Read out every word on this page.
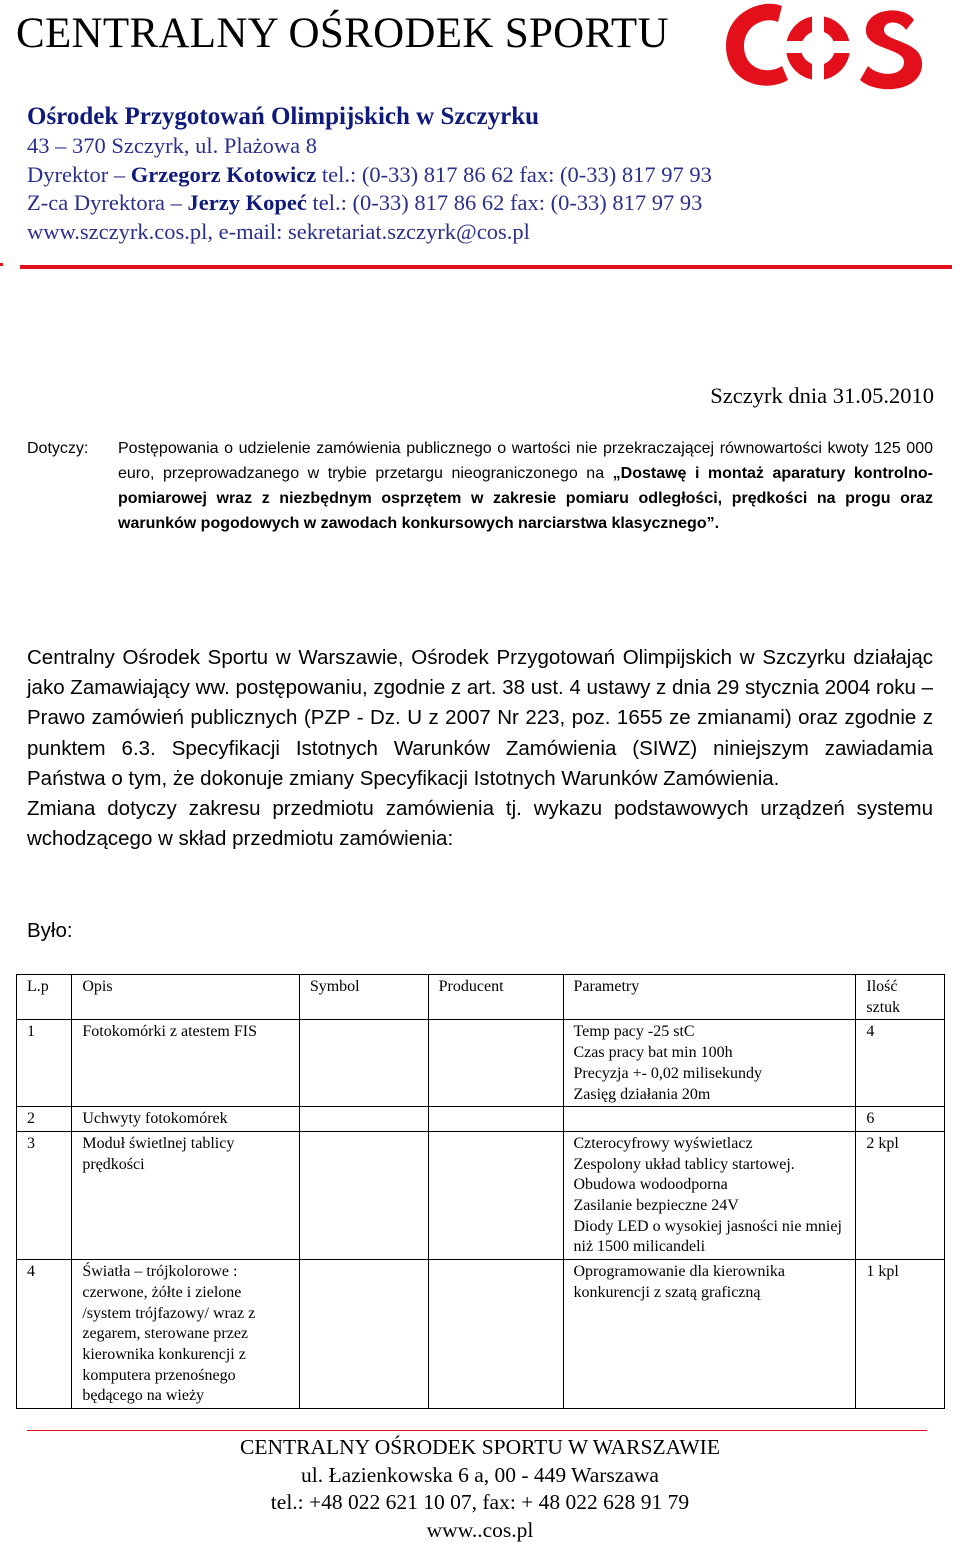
CENTRALNY OŚRODEK SPORTU
Ośrodek Przygotowań Olimpijskich w Szczyrku
43 – 370 Szczyrk, ul. Plażowa 8
Dyrektor – Grzegorz Kotowicz tel.: (0-33) 817 86 62 fax: (0-33) 817 97 93
Z-ca Dyrektora – Jerzy Kopeć tel.: (0-33) 817 86 62 fax: (0-33) 817 97 93
www.szczyrk.cos.pl, e-mail: sekretariat.szczyrk@cos.pl
Szczyrk dnia 31.05.2010
Dotyczy: Postępowania o udzielenie zamówienia publicznego o wartości nie przekraczającej równowartości kwoty 125 000 euro, przeprowadzanego w trybie przetargu nieograniczonego na „Dostawę i montaż aparatury kontrolno-pomiarowej wraz z niezbędnym osprzętem w zakresie pomiaru odległości, prędkości na progu oraz warunków pogodowych w zawodach konkursowych narciarstwa klasycznego”.

Centralny Ośrodek Sportu w Warszawie, Ośrodek Przygotowań Olimpijskich w Szczyrku działając jako Zamawiający ww. postępowaniu, zgodnie z art. 38 ust. 4 ustawy z dnia 29 stycznia 2004 roku – Prawo zamówień publicznych (PZP - Dz. U z 2007 Nr 223, poz. 1655 ze zmianami) oraz zgodnie z punktem 6.3. Specyfikacji Istotnych Warunków Zamówienia (SIWZ) niniejszym zawiadamia Państwa o tym, że dokonuje zmiany Specyfikacji Istotnych Warunków Zamówienia.

Zmiana dotyczy zakresu przedmiotu zamówienia tj. wykazu podstawowych urządzeń systemu wchodzącego w skład przedmiotu zamówienia:

Było:
L.p	Opis	Symbol	Producent	Parametry	Ilość
sztuk

1	Fotokomórki z atestem FIS			Temp pacy -25 stC
Czas pracy bat min 100h
Precyzja +- 0,02 milisekundy
Zasięg działania 20m	4
2	Uchwyty fotokomórek				6
3	Moduł świetlnej tablicy prędkości			Czterocyfrowy wyświetlacz
Zespolony układ tablicy startowej.
Obudowa wodoodporna
Zasilanie bezpieczne 24V
Diody LED o wysokiej jasności nie mniej niż 1500 milicandeli	2 kpl
4	Światła – trójkolorowe : czerwone, żółte i zielone /system trójfazowy/ wraz z zegarem, sterowane przez kierownika konkurencji z komputera przenośnego będącego na wieży			Oprogramowanie dla kierownika konkurencji z szatą graficzną	1 kpl
CENTRALNY OŚRODEK SPORTU W WARSZAWIE
ul. Łazienkowska 6 a, 00 - 449 Warszawa
tel.: +48 022 621 10 07, fax: + 48 022 628 91 79
www..cos.pl
